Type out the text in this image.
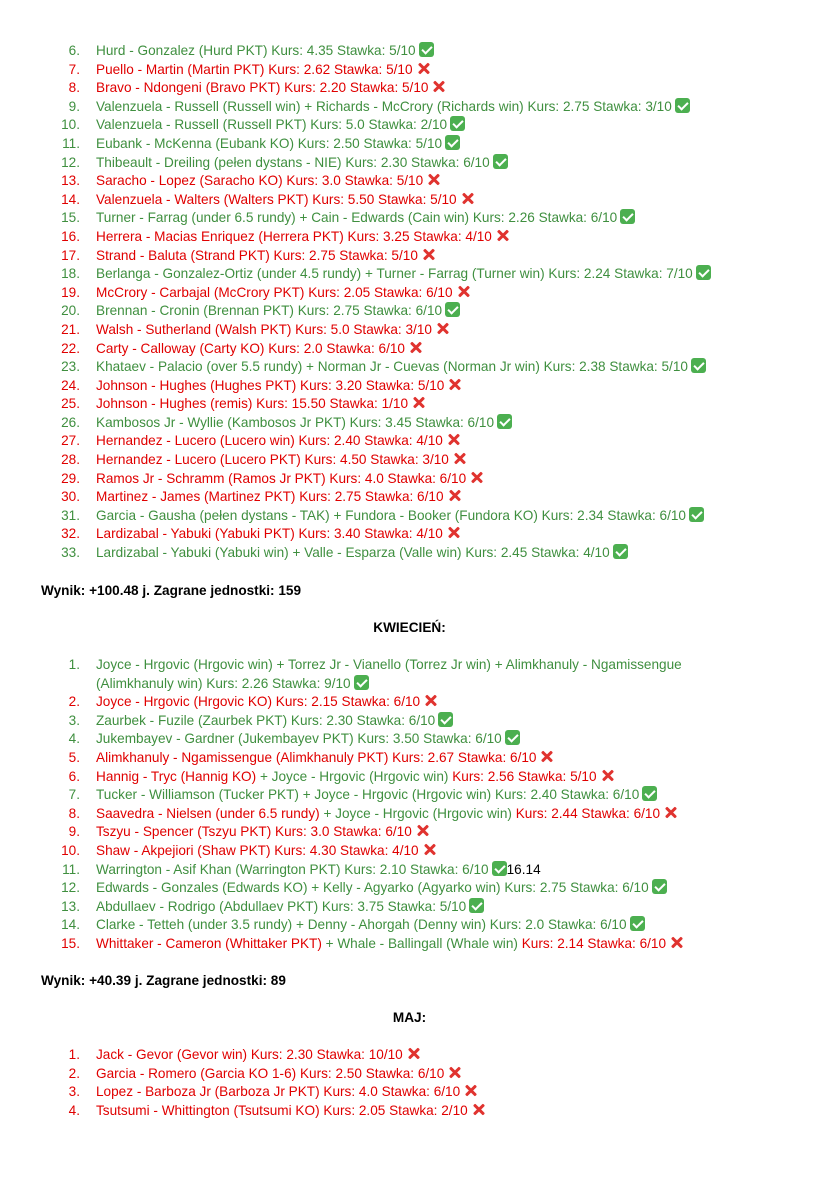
6. Hurd - Gonzalez (Hurd PKT) Kurs: 4.35 Stawka: 5/10
7. Puello - Martin (Martin PKT) Kurs: 2.62 Stawka: 5/10
8. Bravo - Ndongeni (Bravo PKT) Kurs: 2.20 Stawka: 5/10
9. Valenzuela - Russell (Russell win) + Richards - McCrory (Richards win) Kurs: 2.75 Stawka: 3/10
10. Valenzuela - Russell (Russell PKT) Kurs: 5.0 Stawka: 2/10
11. Eubank - McKenna (Eubank KO) Kurs: 2.50 Stawka: 5/10
12. Thibeault - Dreiling (pełen dystans - NIE) Kurs: 2.30 Stawka: 6/10
13. Saracho - Lopez (Saracho KO) Kurs: 3.0 Stawka: 5/10
14. Valenzuela - Walters (Walters PKT) Kurs: 5.50 Stawka: 5/10
15. Turner - Farrag (under 6.5 rundy) + Cain - Edwards (Cain win) Kurs: 2.26 Stawka: 6/10
16. Herrera - Macias Enriquez (Herrera PKT) Kurs: 3.25 Stawka: 4/10
17. Strand - Baluta (Strand PKT) Kurs: 2.75 Stawka: 5/10
18. Berlanga - Gonzalez-Ortiz (under 4.5 rundy) + Turner - Farrag (Turner win) Kurs: 2.24 Stawka: 7/10
19. McCrory - Carbajal (McCrory PKT) Kurs: 2.05 Stawka: 6/10
20. Brennan - Cronin (Brennan PKT) Kurs: 2.75 Stawka: 6/10
21. Walsh - Sutherland (Walsh PKT) Kurs: 5.0 Stawka: 3/10
22. Carty - Calloway (Carty KO) Kurs: 2.0 Stawka: 6/10
23. Khataev - Palacio (over 5.5 rundy) + Norman Jr - Cuevas (Norman Jr win) Kurs: 2.38 Stawka: 5/10
24. Johnson - Hughes (Hughes PKT) Kurs: 3.20 Stawka: 5/10
25. Johnson - Hughes (remis) Kurs: 15.50 Stawka: 1/10
26. Kambosos Jr - Wyllie (Kambosos Jr PKT) Kurs: 3.45 Stawka: 6/10
27. Hernandez - Lucero (Lucero win) Kurs: 2.40 Stawka: 4/10
28. Hernandez - Lucero (Lucero PKT) Kurs: 4.50 Stawka: 3/10
29. Ramos Jr - Schramm (Ramos Jr PKT) Kurs: 4.0 Stawka: 6/10
30. Martinez - James (Martinez PKT) Kurs: 2.75 Stawka: 6/10
31. Garcia - Gausha (pełen dystans - TAK) + Fundora - Booker (Fundora KO) Kurs: 2.34 Stawka: 6/10
32. Lardizabal - Yabuki (Yabuki PKT) Kurs: 3.40 Stawka: 4/10
33. Lardizabal - Yabuki (Yabuki win) + Valle - Esparza (Valle win) Kurs: 2.45 Stawka: 4/10
Wynik: +100.48 j. Zagrane jednostki: 159
KWIECIEŃ:
1. Joyce - Hrgovic (Hrgovic win) + Torrez Jr - Vianello (Torrez Jr win) + Alimkhanuly - Ngamissengue (Alimkhanuly win) Kurs: 2.26 Stawka: 9/10
2. Joyce - Hrgovic (Hrgovic KO) Kurs: 2.15 Stawka: 6/10
3. Zaurbek - Fuzile (Zaurbek PKT) Kurs: 2.30 Stawka: 6/10
4. Jukembayev - Gardner (Jukembayev PKT) Kurs: 3.50 Stawka: 6/10
5. Alimkhanuly - Ngamissengue (Alimkhanuly PKT) Kurs: 2.67 Stawka: 6/10
6. Hannig - Tryc (Hannig KO) + Joyce - Hrgovic (Hrgovic win) Kurs: 2.56 Stawka: 5/10
7. Tucker - Williamson (Tucker PKT) + Joyce - Hrgovic (Hrgovic win) Kurs: 2.40 Stawka: 6/10
8. Saavedra - Nielsen (under 6.5 rundy) + Joyce - Hrgovic (Hrgovic win) Kurs: 2.44 Stawka: 6/10
9. Tszyu - Spencer (Tszyu PKT) Kurs: 3.0 Stawka: 6/10
10. Shaw - Akpejiori (Shaw PKT) Kurs: 4.30 Stawka: 4/10
11. Warrington - Asif Khan (Warrington PKT) Kurs: 2.10 Stawka: 6/10 16.14
12. Edwards - Gonzales (Edwards KO) + Kelly - Agyarko (Agyarko win) Kurs: 2.75 Stawka: 6/10
13. Abdullaev - Rodrigo (Abdullaev PKT) Kurs: 3.75 Stawka: 5/10
14. Clarke - Tetteh (under 3.5 rundy) + Denny - Ahorgah (Denny win) Kurs: 2.0 Stawka: 6/10
15. Whittaker - Cameron (Whittaker PKT) + Whale - Ballingall (Whale win) Kurs: 2.14 Stawka: 6/10
Wynik: +40.39 j. Zagrane jednostki: 89
MAJ:
1. Jack - Gevor (Gevor win) Kurs: 2.30 Stawka: 10/10
2. Garcia - Romero (Garcia KO 1-6) Kurs: 2.50 Stawka: 6/10
3. Lopez - Barboza Jr (Barboza Jr PKT) Kurs: 4.0 Stawka: 6/10
4. Tsutsumi - Whittington (Tsutsumi KO) Kurs: 2.05 Stawka: 2/10
